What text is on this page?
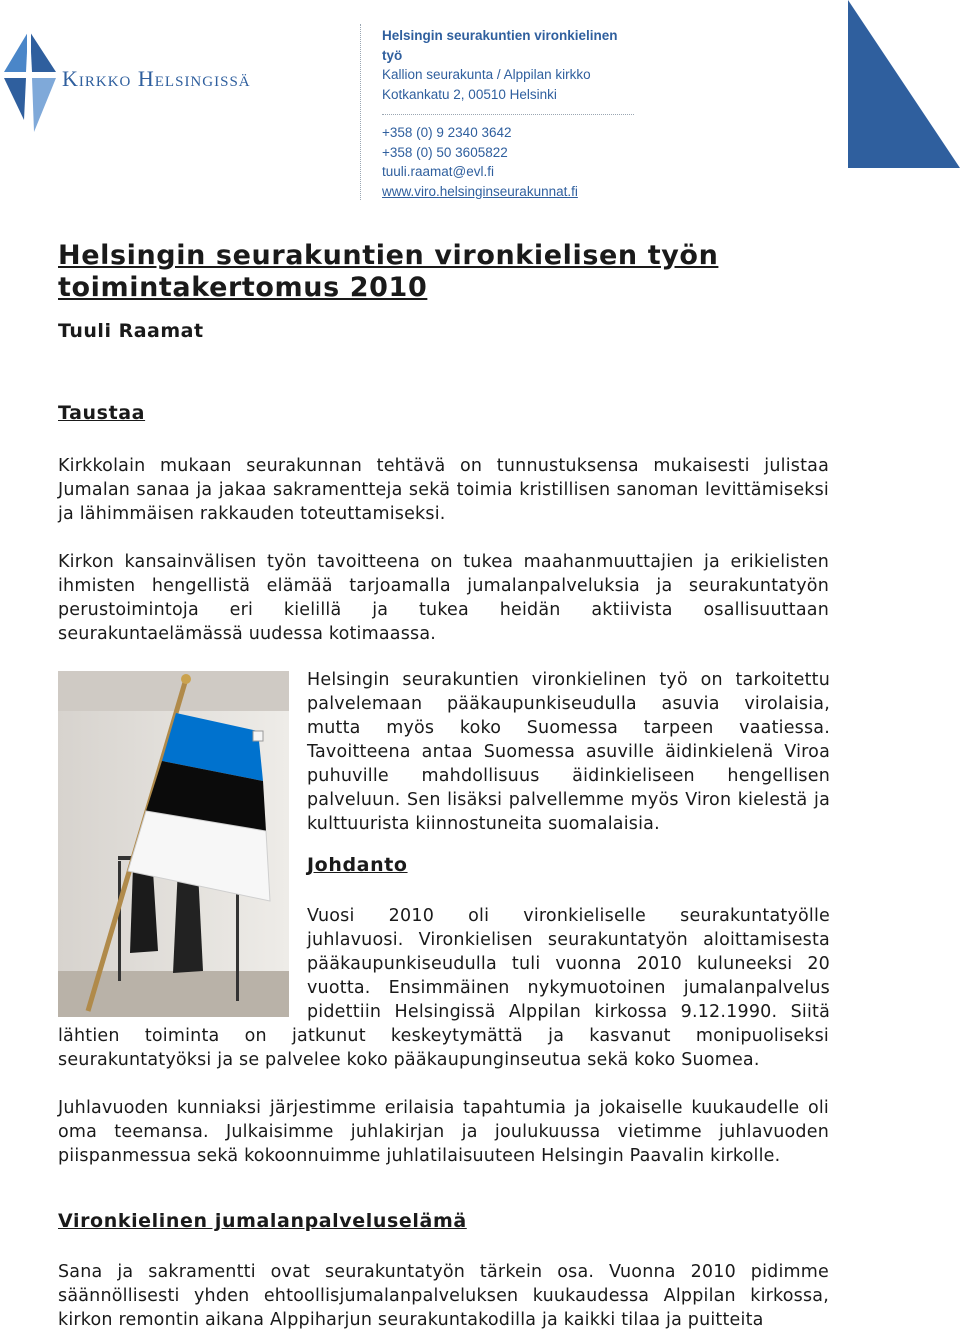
Kirkko Helsingissä
Helsingin seurakuntien vironkielinen työ
Kallion seurakunta / Alppilan kirkko
Kotkankatu 2, 00510 Helsinki
+358 (0) 9 2340 3642
+358 (0) 50 3605822
tuuli.raamat@evl.fi
www.viro.helsinginseurakunnat.fi
Helsingin seurakuntien vironkielisen työn
toimintakertomus 2010
Tuuli Raamat
Taustaa
Kirkkolain mukaan seurakunnan tehtävä on tunnustuksensa mukaisesti julistaa Jumalan sanaa ja jakaa sakramentteja sekä toimia kristillisen sanoman levittämiseksi ja lähimmäisen rakkauden toteuttamiseksi.
Kirkon kansainvälisen työn tavoitteena on tukea maahanmuuttajien ja erikielisten ihmisten hengellistä elämää tarjoamalla jumalanpalveluksia ja seurakuntatyön perustoimintoja eri kielillä ja tukea heidän aktiivista osallisuuttaan seurakuntaelämässä uudessa kotimaassa.
Helsingin seurakuntien vironkielinen työ on tarkoitettu palvelemaan pääkaupunkiseudulla asuvia virolaisia, mutta myös koko Suomessa tarpeen vaatiessa. Tavoitteena antaa Suomessa asuville äidinkielenä Viroa puhuville mahdollisuus äidinkieliseen hengellisen palveluun. Sen lisäksi palvellemme myös Viron kielestä ja kulttuurista kiinnostuneita suomalaisia.
Johdanto
Vuosi 2010 oli vironkieliselle seurakuntatyölle
juhlavuosi. Vironkielisen seurakuntatyön aloittamisesta
pääkaupunkiseudulla tuli vuonna 2010 kuluneeksi 20
vuotta. Ensimmäinen nykymuotoinen jumalanpalvelus
pidettiin Helsingissä Alppilan kirkossa 9.12.1990. Siitä
lähtien toiminta on jatkunut keskeytymättä ja kasvanut monipuoliseksi
seurakuntatyöksi ja se palvelee koko pääkaupunginseutua sekä koko Suomea.
Juhlavuoden kunniaksi järjestimme erilaisia tapahtumia ja jokaiselle kuukaudelle oli oma teemansa. Julkaisimme juhlakirjan ja joulukuussa vietimme juhlavuoden piispanmessua sekä kokoonnuimme juhlatilaisuuteen Helsingin Paavalin kirkolle.
Vironkielinen jumalanpalveluselämä
Sana ja sakramentti ovat seurakuntatyön tärkein osa. Vuonna 2010 pidimme säännöllisesti yhden ehtoollisjumalanpalveluksen kuukaudessa Alppilan kirkossa, kirkon remontin aikana Alppiharjun seurakuntakodilla ja kaikki tilaa ja puitteita
